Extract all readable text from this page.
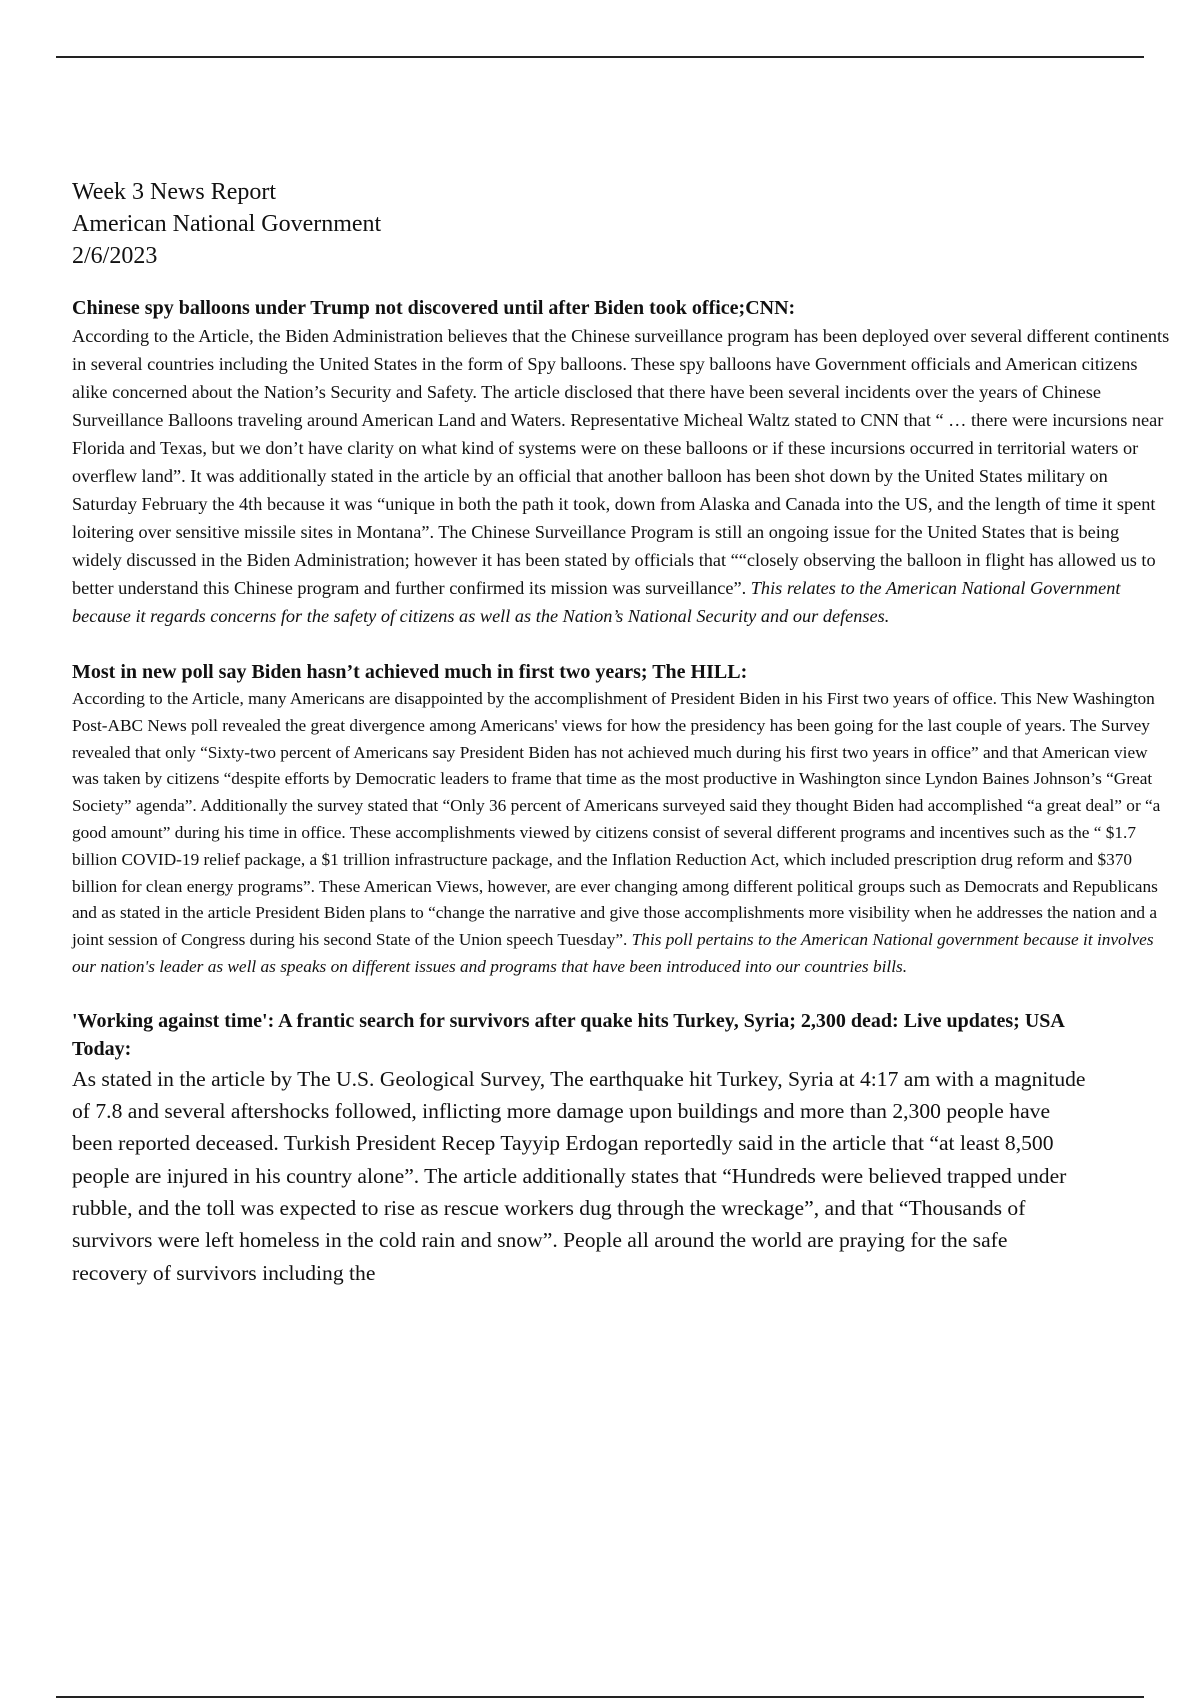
Week 3 News Report

American National Government

2/6/2023

Chinese spy balloons under Trump not discovered until after Biden took office;CNN:

According to the Article, the Biden Administration believes that the Chinese surveillance program has been deployed over several different continents in several countries including the United States in the form of Spy balloons. These spy balloons have Government officials and American citizens alike concerned about the Nation’s Security and Safety. The article disclosed that there have been several incidents over the years of Chinese Surveillance Balloons traveling around American Land and Waters. Representative Micheal Waltz stated to CNN that “ … there were incursions near Florida and Texas, but we don’t have clarity on what kind of systems were on these balloons or if these incursions occurred in territorial waters or overflew land”. It was additionally stated in the article by an official that another balloon has been shot down by the United States military on Saturday February the 4th because it was “unique in both the path it took, down from Alaska and Canada into the US, and the length of time it spent loitering over sensitive missile sites in Montana”. The Chinese Surveillance Program is still an ongoing issue for the United States that is being widely discussed in the Biden Administration; however it has been stated by officials that ““closely observing the balloon in flight has allowed us to better understand this Chinese program and further confirmed its mission was surveillance”. This relates to the American National Government because it regards concerns for the safety of citizens as well as the Nation’s National Security and our defenses.

Most in new poll say Biden hasn’t achieved much in first two years; The HILL:

According to the Article, many Americans are disappointed by the accomplishment of President Biden in his First two years of office. This New Washington Post-ABC News poll revealed the great divergence among Americans' views for how the presidency has been going for the last couple of years. The Survey revealed that only “Sixty-two percent of Americans say President Biden has not achieved much during his first two years in office” and that American view was taken by citizens “despite efforts by Democratic leaders to frame that time as the most productive in Washington since Lyndon Baines Johnson’s “Great Society” agenda”. Additionally the survey stated that “Only 36 percent of Americans surveyed said they thought Biden had accomplished “a great deal” or “a good amount” during his time in office. These accomplishments viewed by citizens consist of several different programs and incentives such as the “ $1.7 billion COVID-19 relief package, a $1 trillion infrastructure package, and the Inflation Reduction Act, which included prescription drug reform and $370 billion for clean energy programs”. These American Views, however, are ever changing among different political groups such as Democrats and Republicans and as stated in the article President Biden plans to “change the narrative and give those accomplishments more visibility when he addresses the nation and a joint session of Congress during his second State of the Union speech Tuesday”. This poll pertains to the American National government because it involves our nation's leader as well as speaks on different issues and programs that have been introduced into our countries bills.

'Working against time': A frantic search for survivors after quake hits Turkey, Syria; 2,300 dead: Live updates; USA Today:

As stated in the article by The U.S. Geological Survey, The earthquake hit Turkey, Syria at 4:17 am with a magnitude of 7.8 and several aftershocks followed, inflicting more damage upon buildings and more than 2,300 people have been reported deceased. Turkish President Recep Tayyip Erdogan reportedly said in the article that “at least 8,500 people are injured in his country alone”. The article additionally states that “Hundreds were believed trapped under rubble, and the toll was expected to rise as rescue workers dug through the wreckage”, and that “Thousands of survivors were left homeless in the cold rain and snow”. People all around the world are praying for the safe recovery of survivors including the
